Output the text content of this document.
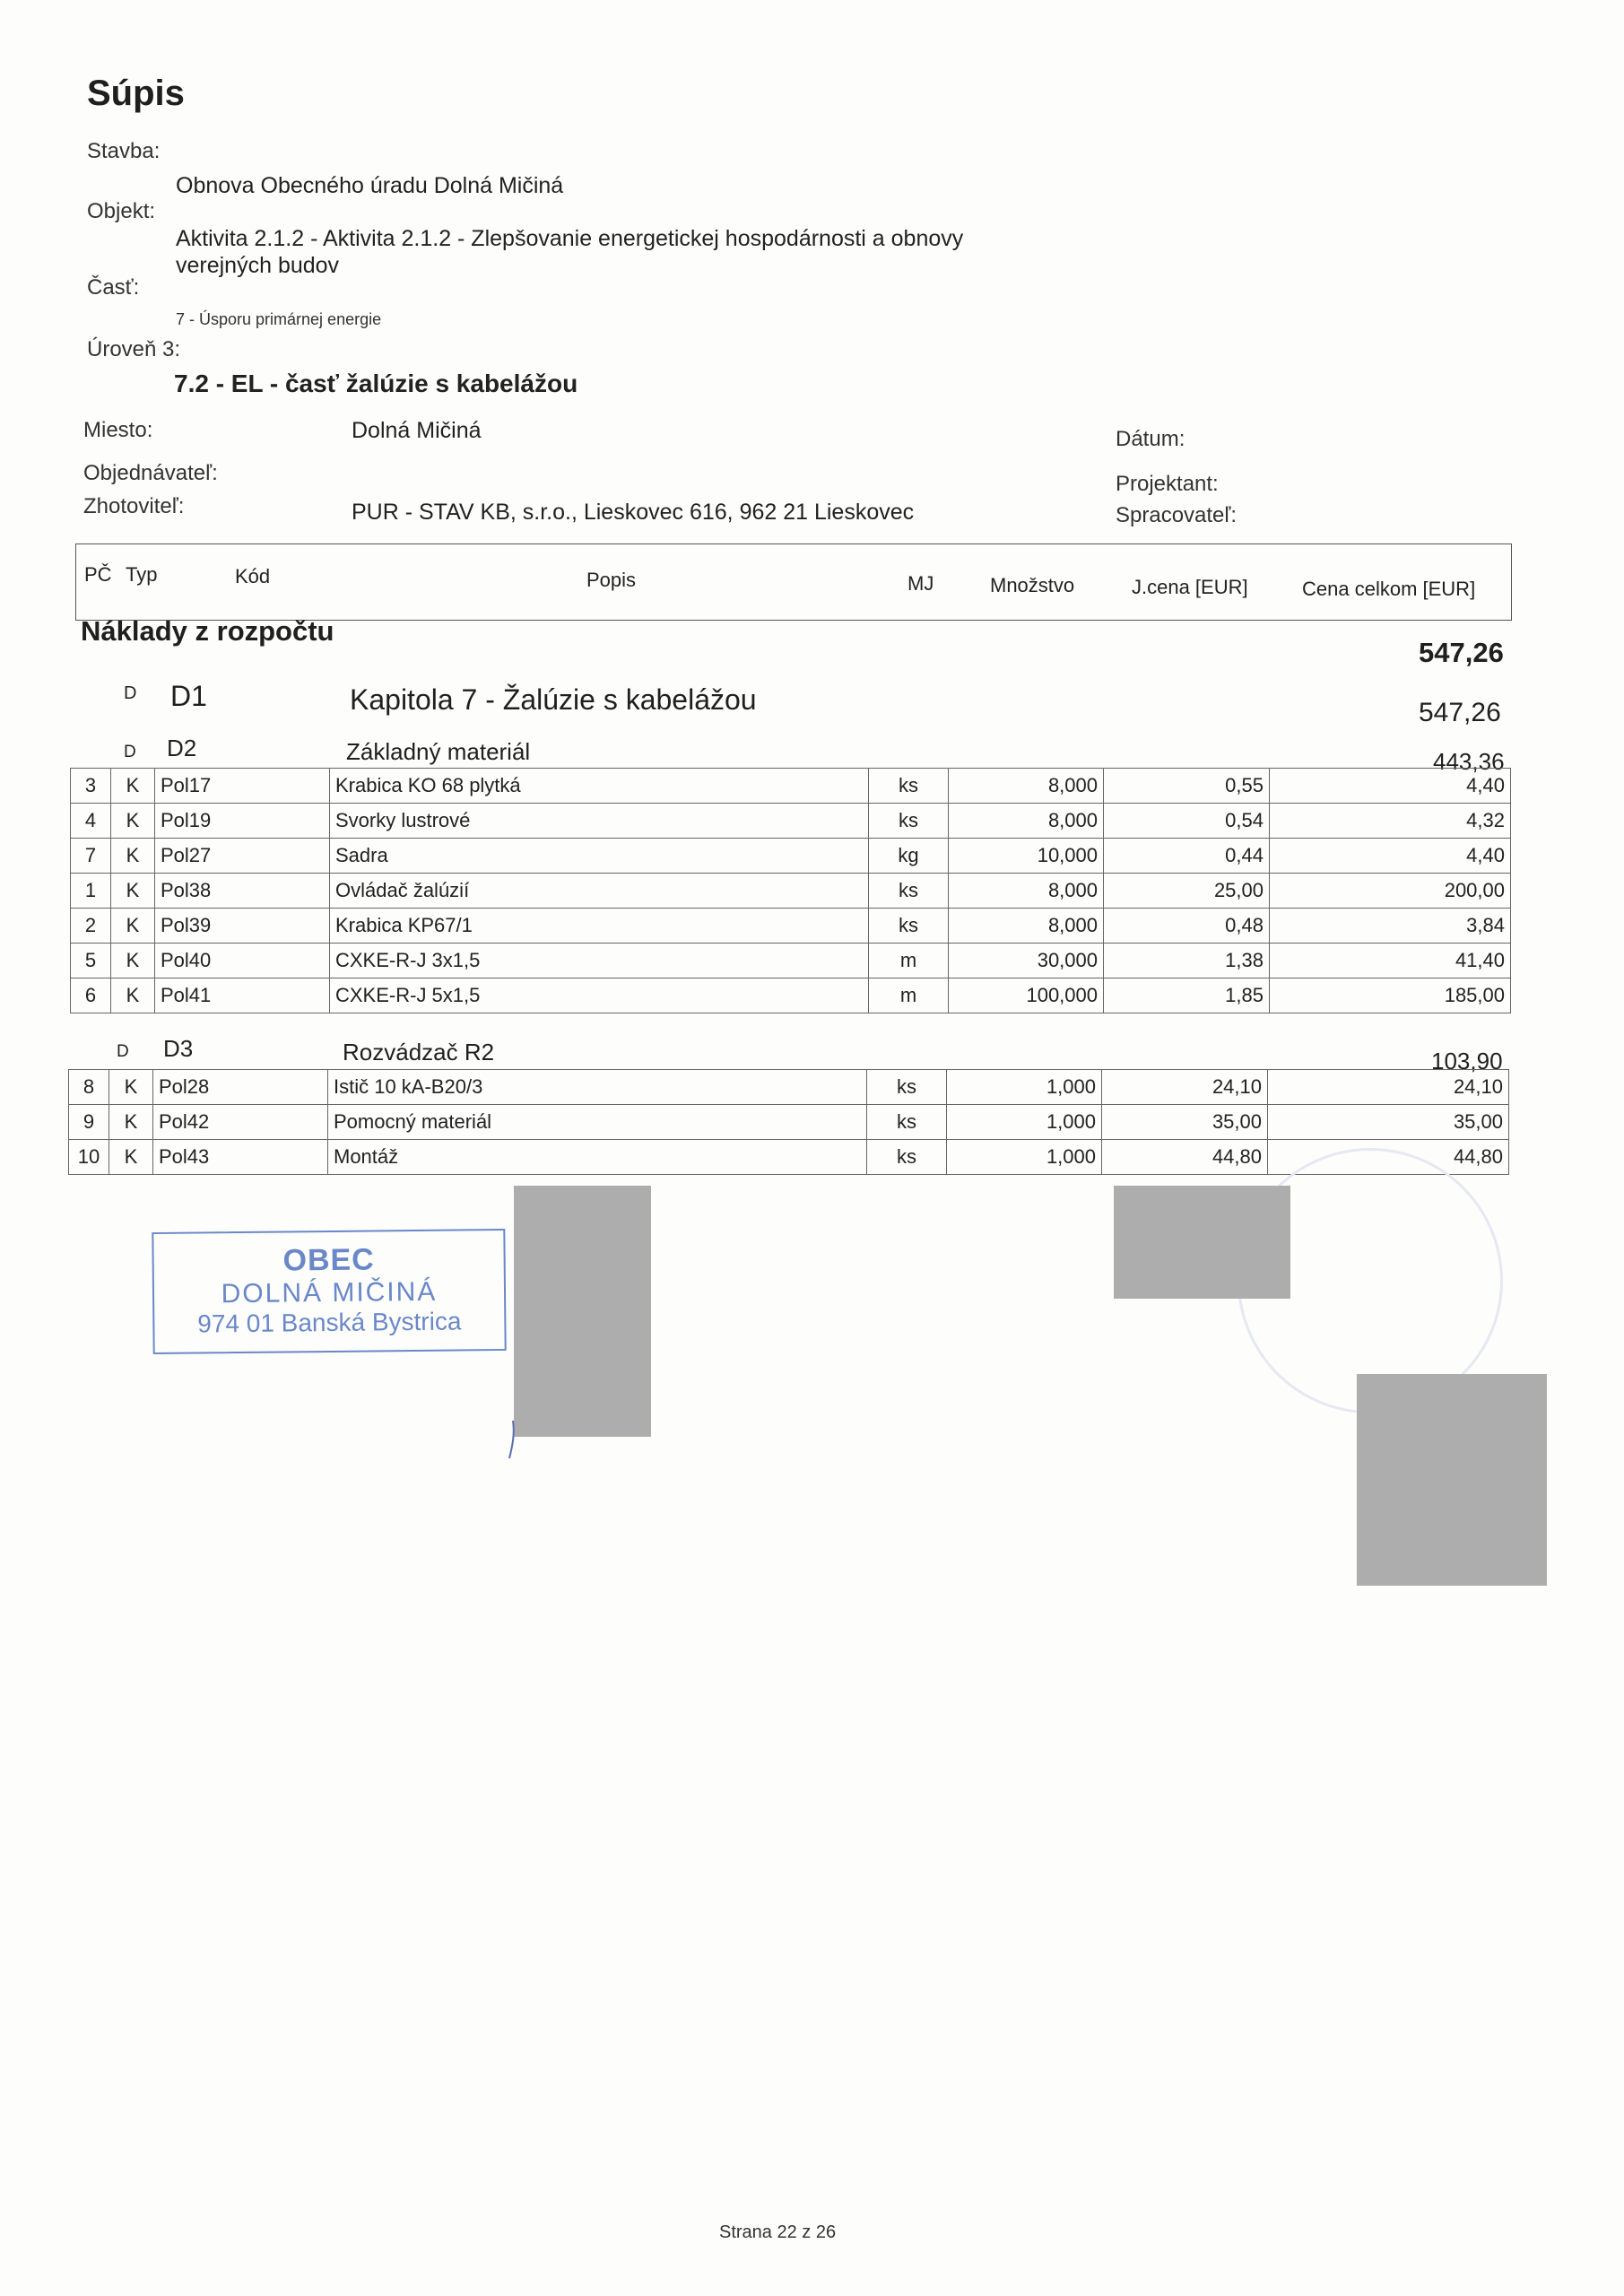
Súpis
Stavba:
Obnova Obecného úradu Dolná Mičiná
Objekt:
Aktivita 2.1.2 - Aktivita 2.1.2 - Zlepšovanie energetickej hospodárnosti a obnovy
verejných budov
Časť:
7 - Úsporu primárnej energie
Úroveň 3:
7.2 - EL - časť žalúzie s kabelážou
Miesto:	Dolná Mičiná
Objednávateľ:
Zhotoviteľ:	PUR - STAV KB, s.r.o., Lieskovec 616, 962 21 Lieskovec
Dátum:
Projektant:
Spracovateľ:
PČ Typ	Kód	Popis	MJ	Množstvo	J.cena [EUR]	Cena celkom [EUR]
Náklady z rozpočtu
547,26
D D1	Kapitola 7 - Žalúzie s kabelážou	547,26
D D2	Základný materiál	443,36
3	K	Pol17	Krabica KO 68 plytká	ks	8,000	0,55	4,40
4	K	Pol19	Svorky lustrové	ks	8,000	0,54	4,32
7	K	Pol27	Sadra	kg	10,000	0,44	4,40
1	K	Pol38	Ovládač žalúzií	ks	8,000	25,00	200,00
2	K	Pol39	Krabica KP67/1	ks	8,000	0,48	3,84
5	K	Pol40	CXKE-R-J 3x1,5	m	30,000	1,38	41,40
6	K	Pol41	CXKE-R-J 5x1,5	m	100,000	1,85	185,00
D D3	Rozvádzač R2	103,90
8	K	Pol28	Istič 10 kA-B20/3	ks	1,000	24,10	24,10
9	K	Pol42	Pomocný materiál	ks	1,000	35,00	35,00
10	K	Pol43	Montáž	ks	1,000	44,80	44,80
OBEC
DOLNÁ MIČINÁ
974 01 Banská Bystrica
Strana 22 z 26
